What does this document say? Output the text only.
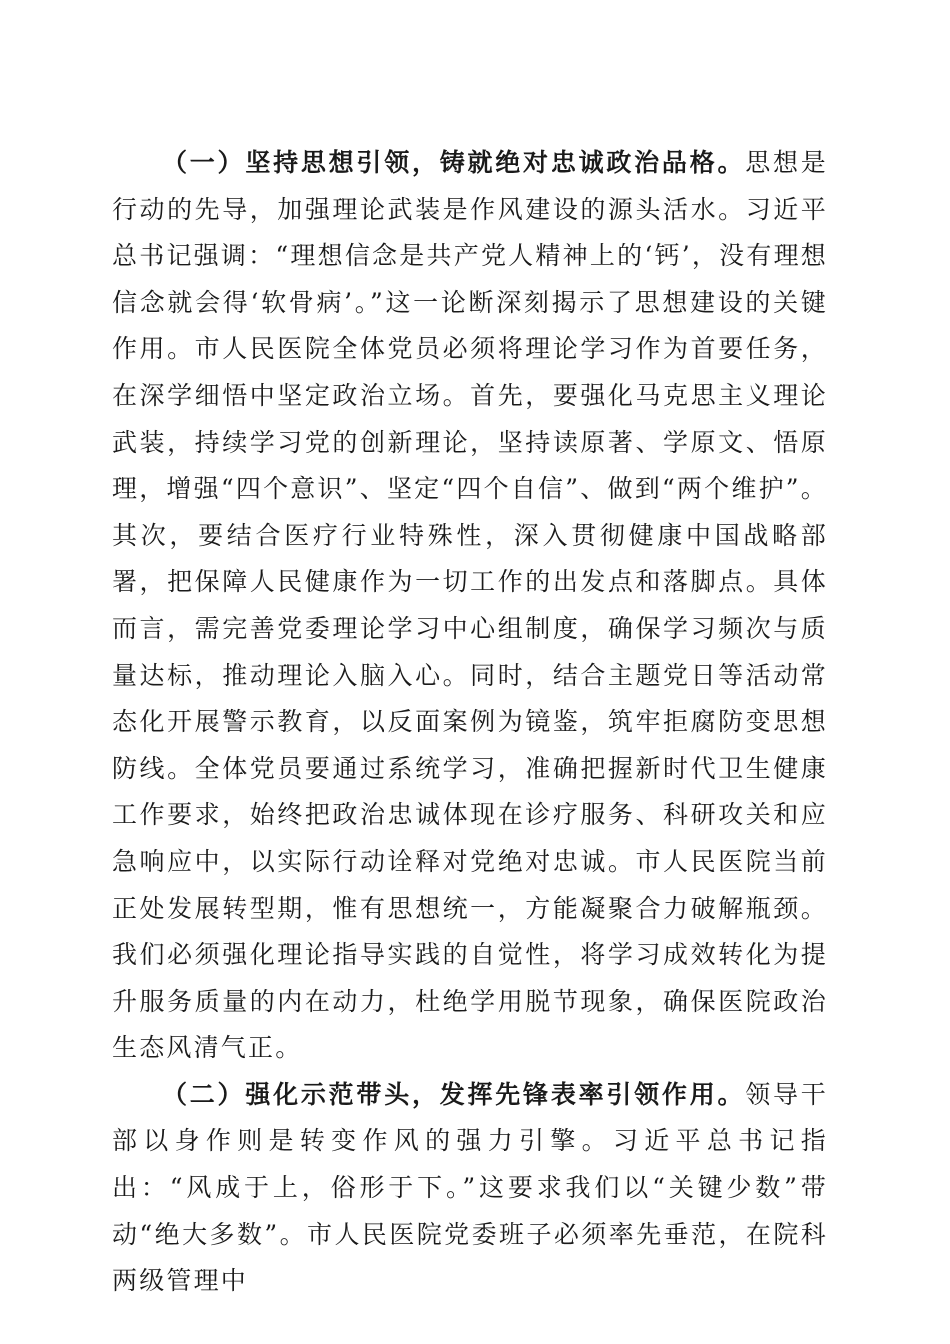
（一）坚持思想引领，铸就绝对忠诚政治品格。思想是行动的先导，加强理论武装是作风建设的源头活水。习近平总书记强调：“理想信念是共产党人精神上的‘钙’，没有理想信念就会得‘软骨病’。”这一论断深刻揭示了思想建设的关键作用。市人民医院全体党员必须将理论学习作为首要任务，在深学细悟中坚定政治立场。首先，要强化马克思主义理论武装，持续学习党的创新理论，坚持读原著、学原文、悟原理，增强“四个意识”、坚定“四个自信”、做到“两个维护”。其次，要结合医疗行业特殊性，深入贯彻健康中国战略部署，把保障人民健康作为一切工作的出发点和落脚点。具体而言，需完善党委理论学习中心组制度，确保学习频次与质量达标，推动理论入脑入心。同时，结合主题党日等活动常态化开展警示教育，以反面案例为镜鉴，筑牢拒腐防变思想防线。全体党员要通过系统学习，准确把握新时代卫生健康工作要求，始终把政治忠诚体现在诊疗服务、科研攻关和应急响应中，以实际行动诠释对党绝对忠诚。市人民医院当前正处发展转型期，惟有思想统一，方能凝聚合力破解瓶颈。我们必须强化理论指导实践的自觉性，将学习成效转化为提升服务质量的内在动力，杜绝学用脱节现象，确保医院政治生态风清气正。

（二）强化示范带头，发挥先锋表率引领作用。领导干部以身作则是转变作风的强力引擎。习近平总书记指出：“风成于上，俗形于下。”这要求我们以“关键少数”带动“绝大多数”。市人民医院党委班子必须率先垂范，在院科两级管理中
